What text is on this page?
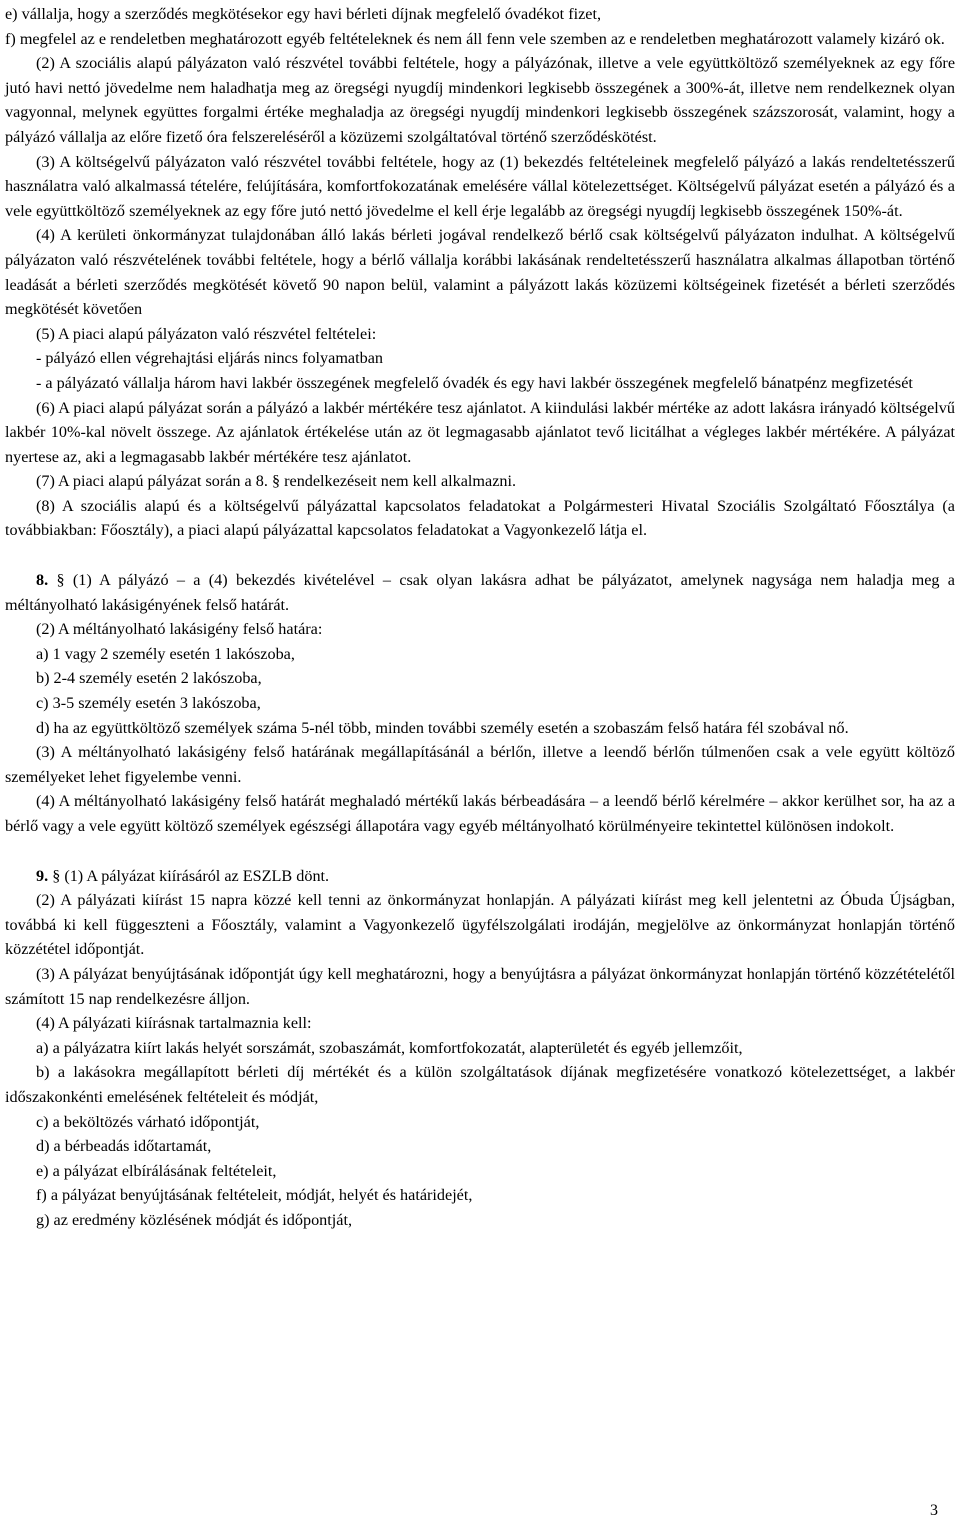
e) vállalja, hogy a szerződés megkötésekor egy havi bérleti díjnak megfelelő óvadékot fizet,

f) megfelel az e rendeletben meghatározott egyéb feltételeknek és nem áll fenn vele szemben az e rendeletben meghatározott valamely kizáró ok.

(2) A szociális alapú pályázaton való részvétel további feltétele, hogy a pályázónak, illetve a vele együttköltöző személyeknek az egy főre jutó havi nettó jövedelme nem haladhatja meg az öregségi nyugdíj mindenkori legkisebb összegének a 300%-át, illetve nem rendelkeznek olyan vagyonnal, melynek együttes forgalmi értéke meghaladja az öregségi nyugdíj mindenkori legkisebb összegének százszorosát, valamint, hogy a pályázó vállalja az előre fizető óra felszereléséről a közüzemi szolgáltatóval történő szerződéskötést.

(3) A költségelvű pályázaton való részvétel további feltétele, hogy az (1) bekezdés feltételeinek megfelelő pályázó a lakás rendeltetésszerű használatra való alkalmassá tételére, felújítására, komfortfokozatának emelésére vállal kötelezettséget. Költségelvű pályázat esetén a pályázó és a vele együttköltöző személyeknek az egy főre jutó nettó jövedelme el kell érje legalább az öregségi nyugdíj legkisebb összegének 150%-át.

(4) A kerületi önkormányzat tulajdonában álló lakás bérleti jogával rendelkező bérlő csak költségelvű pályázaton indulhat. A költségelvű pályázaton való részvételének további feltétele, hogy a bérlő vállalja korábbi lakásának rendeltetésszerű használatra alkalmas állapotban történő leadását a bérleti szerződés megkötését követő 90 napon belül, valamint a pályázott lakás közüzemi költségeinek fizetését a bérleti szerződés megkötését követően

(5) A piaci alapú pályázaton való részvétel feltételei:

- pályázó ellen végrehajtási eljárás nincs folyamatban

- a pályázató vállalja három havi lakbér összegének megfelelő óvadék és egy havi lakbér összegének megfelelő bánatpénz megfizetését

(6) A piaci alapú pályázat során a pályázó a lakbér mértékére tesz ajánlatot. A kiindulási lakbér mértéke az adott lakásra irányadó költségelvű lakbér 10%-kal növelt összege. Az ajánlatok értékelése után az öt legmagasabb ajánlatot tevő licitálhat a végleges lakbér mértékére. A pályázat nyertese az, aki a legmagasabb lakbér mértékére tesz ajánlatot.

(7) A piaci alapú pályázat során a 8. § rendelkezéseit nem kell alkalmazni.

(8) A szociális alapú és a költségelvű pályázattal kapcsolatos feladatokat a Polgármesteri Hivatal Szociális Szolgáltató Főosztálya (a továbbiakban: Főosztály), a piaci alapú pályázattal kapcsolatos feladatokat a Vagyonkezelő látja el.

8. § (1) A pályázó – a (4) bekezdés kivételével – csak olyan lakásra adhat be pályázatot, amelynek nagysága nem haladja meg a méltányolható lakásigényének felső határát.

(2) A méltányolható lakásigény felső határa:

a) 1 vagy 2 személy esetén 1 lakószoba,

b) 2-4 személy esetén 2 lakószoba,

c) 3-5 személy esetén 3 lakószoba,

d) ha az együttköltöző személyek száma 5-nél több, minden további személy esetén a szobaszám felső határa fél szobával nő.

(3) A méltányolható lakásigény felső határának megállapításánál a bérlőn, illetve a leendő bérlőn túlmenően csak a vele együtt költöző személyeket lehet figyelembe venni.

(4) A méltányolható lakásigény felső határát meghaladó mértékű lakás bérbeadására – a leendő bérlő kérelmére – akkor kerülhet sor, ha az a bérlő vagy a vele együtt költöző személyek egészségi állapotára vagy egyéb méltányolható körülményeire tekintettel különösen indokolt.

9. § (1) A pályázat kiírásáról az ESZLB dönt.

(2) A pályázati kiírást 15 napra közzé kell tenni az önkormányzat honlapján. A pályázati kiírást meg kell jelentetni az Óbuda Újságban, továbbá ki kell függeszteni a Főosztály, valamint a Vagyonkezelő ügyfélszolgálati irodáján, megjelölve az önkormányzat honlapján történő közzététel időpontját.

(3) A pályázat benyújtásának időpontját úgy kell meghatározni, hogy a benyújtásra a pályázat önkormányzat honlapján történő közzétételétől számított 15 nap rendelkezésre álljon.

(4) A pályázati kiírásnak tartalmaznia kell:

a) a pályázatra kiírt lakás helyét sorszámát, szobaszámát, komfortfokozatát, alapterületét és egyéb jellemzőit,

b) a lakásokra megállapított bérleti díj mértékét és a külön szolgáltatások díjának megfizetésére vonatkozó kötelezettséget, a lakbér időszakonkénti emelésének feltételeit és módját,

c) a beköltözés várható időpontját,

d) a bérbeadás időtartamát,

e) a pályázat elbírálásának feltételeit,

f) a pályázat benyújtásának feltételeit, módját, helyét és határidejét,

g) az eredmény közlésének módját és időpontját,

3
